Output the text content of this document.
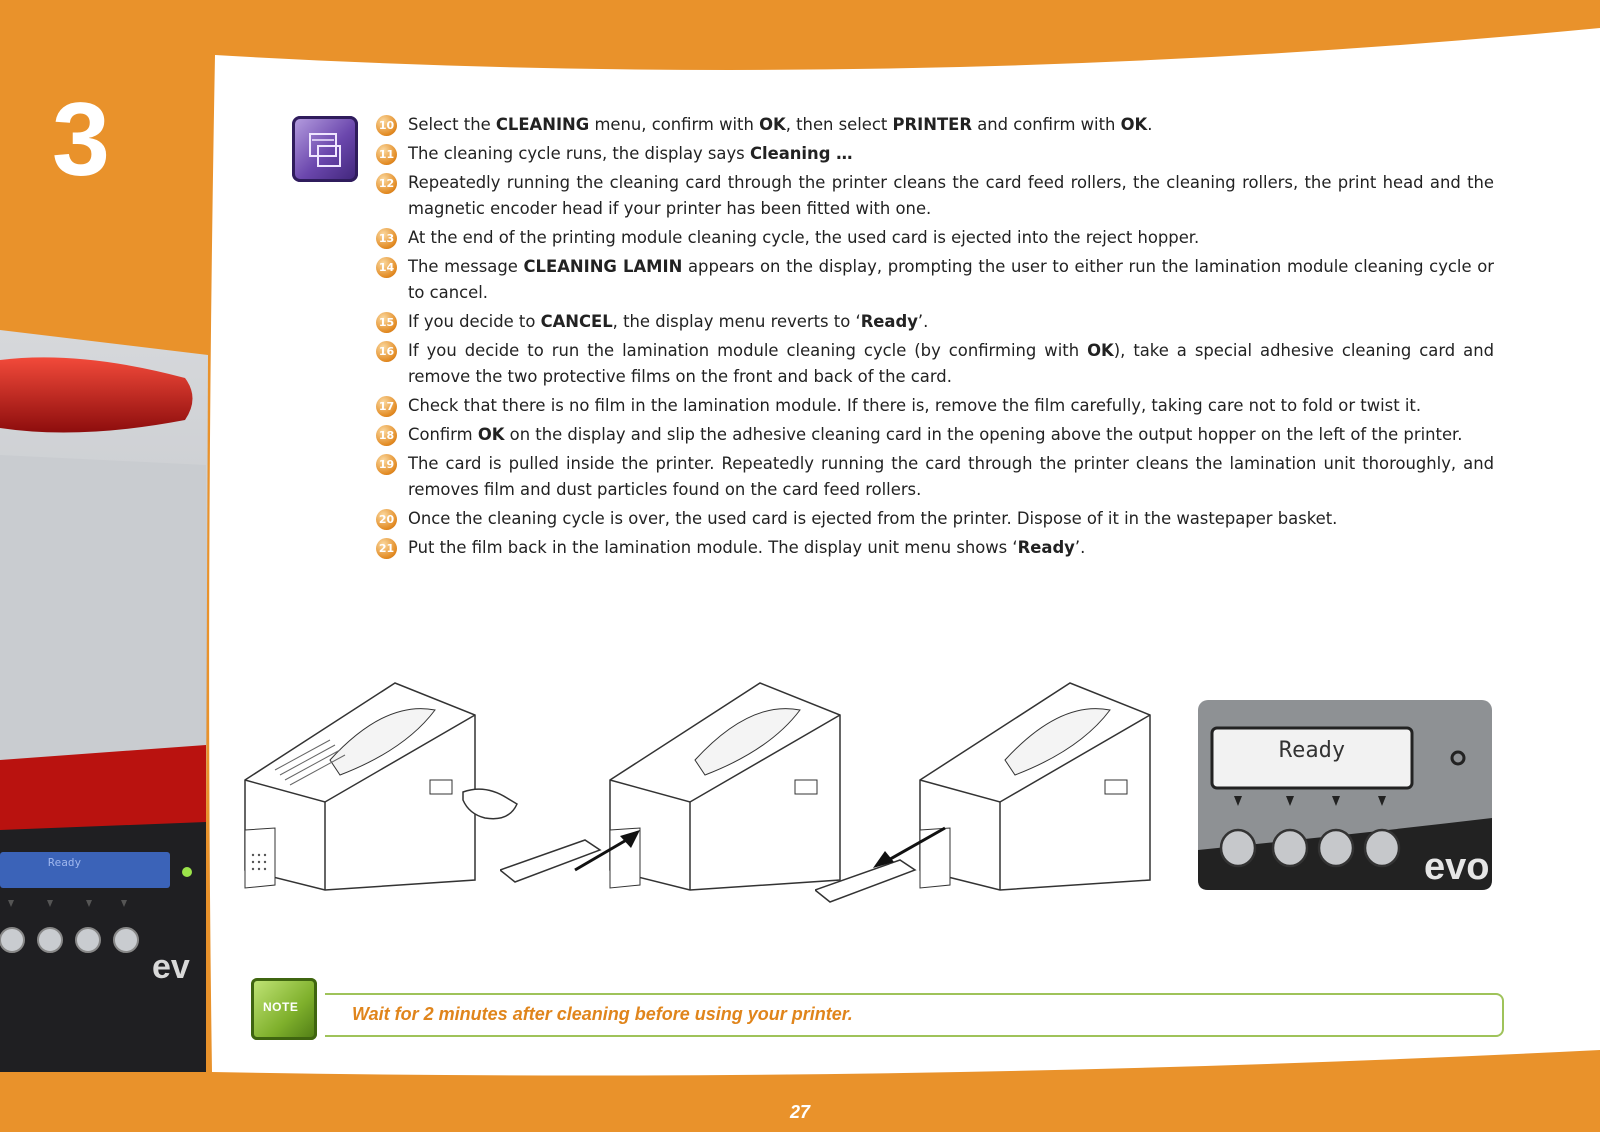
3
Ready
ev
10 Select the CLEANING menu, confirm with OK, then select PRINTER and confirm with OK.
11 The cleaning cycle runs, the display says Cleaning …
12 Repeatedly running the cleaning card through the printer cleans the card feed rollers, the cleaning rollers, the print head and the magnetic encoder head if your printer has been fitted with one.
13 At the end of the printing module cleaning cycle, the used card is ejected into the reject hopper.
14 The message CLEANING LAMIN appears on the display, prompting the user to either run the lamination module cleaning cycle or to cancel.
15 If you decide to CANCEL, the display menu reverts to ‘Ready’.
16 If you decide to run the lamination module cleaning cycle (by confirming with OK), take a special adhesive cleaning card and remove the two protective films on the front and back of the card.
17 Check that there is no film in the lamination module. If there is, remove the film carefully, taking care not to fold or twist it.
18 Confirm OK on the display and slip the adhesive cleaning card in the opening above the output hopper on the left of the printer.
19 The card is pulled inside the printer. Repeatedly running the card through the printer cleans the lamination unit thoroughly, and removes film and dust particles found on the card feed rollers.
20 Once the cleaning cycle is over, the used card is ejected from the printer. Dispose of it in the wastepaper basket.
21 Put the film back in the lamination module. The display unit menu shows ‘Ready’.
Ready
evo
NOTE	Wait for 2 minutes after cleaning before using your printer.
27
